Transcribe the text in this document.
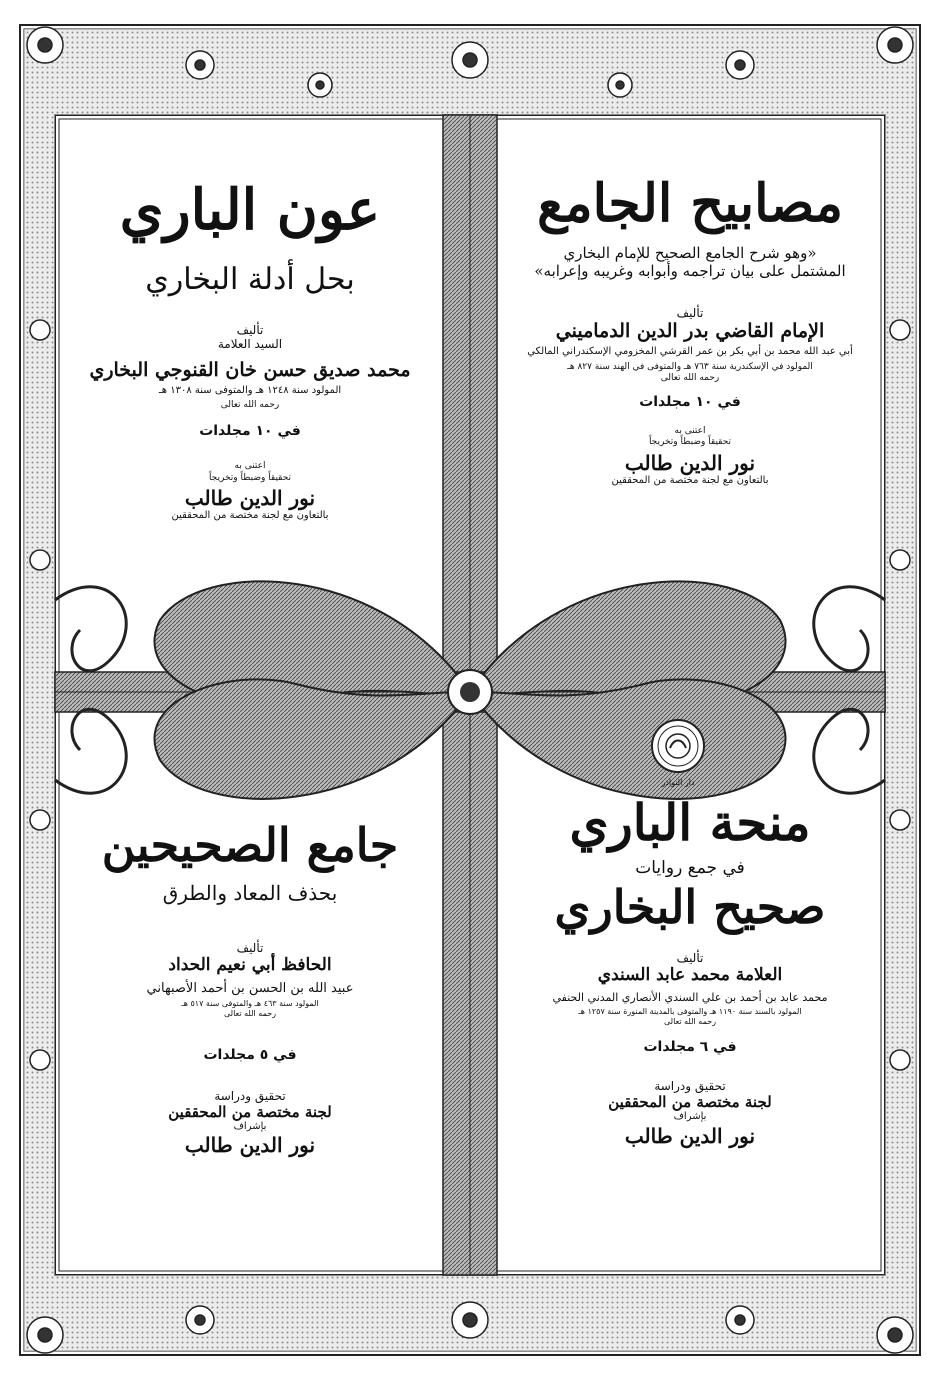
مصابيح الجامع
«وهو شرح الجامع الصحيح للإمام البخاري
المشتمل على بيان تراجمه وأبوابه وغريبه وإعرابه»
تأليف
الإمام القاضي بدر الدين الدماميني
أبي عبد الله محمد بن أبي بكر بن عمر القرشي المخزومي الإسكندراني المالكي
المولود في الإسكندرية سنة ٧٦٣ هـ والمتوفى في الهند سنة ٨٢٧ هـ
رحمه الله تعالى
في ١٠ مجلدات
اعتنى به
تحقيقاً وضبطاً وتخريجاً
نور الدين طالب
بالتعاون مع لجنة مختصة من المحققين
عون الباري
بحل أدلة البخاري
تأليف
السيد العلامة
محمد صديق حسن خان القنوجي البخاري
المولود سنة ١٢٤٨ هـ والمتوفى سنة ١٣٠٨ هـ
رحمه الله تعالى
في ١٠ مجلدات
اعتنى به
تحقيقاً وضبطاً وتخريجاً
نور الدين طالب
بالتعاون مع لجنة مختصة من المحققين
دار النوادر
منحة الباري
في جمع روايات
صحيح البخاري
تأليف
العلامة محمد عابد السندي
محمد عابد بن أحمد بن علي السندي الأنصاري المدني الحنفي
المولود بالسند سنة ١١٩٠ هـ والمتوفى بالمدينة المنورة سنة ١٢٥٧ هـ
رحمه الله تعالى
في ٦ مجلدات
تحقيق ودراسة
لجنة مختصة من المحققين
بإشراف
نور الدين طالب
جامع الصحيحين
بحذف المعاد والطرق
تأليف
الحافظ أبي نعيم الحداد
عبيد الله بن الحسن بن أحمد الأصبهاني
المولود سنة ٤٦٣ هـ والمتوفى سنة ٥١٧ هـ
رحمه الله تعالى
في ٥ مجلدات
تحقيق ودراسة
لجنة مختصة من المحققين
بإشراف
نور الدين طالب
